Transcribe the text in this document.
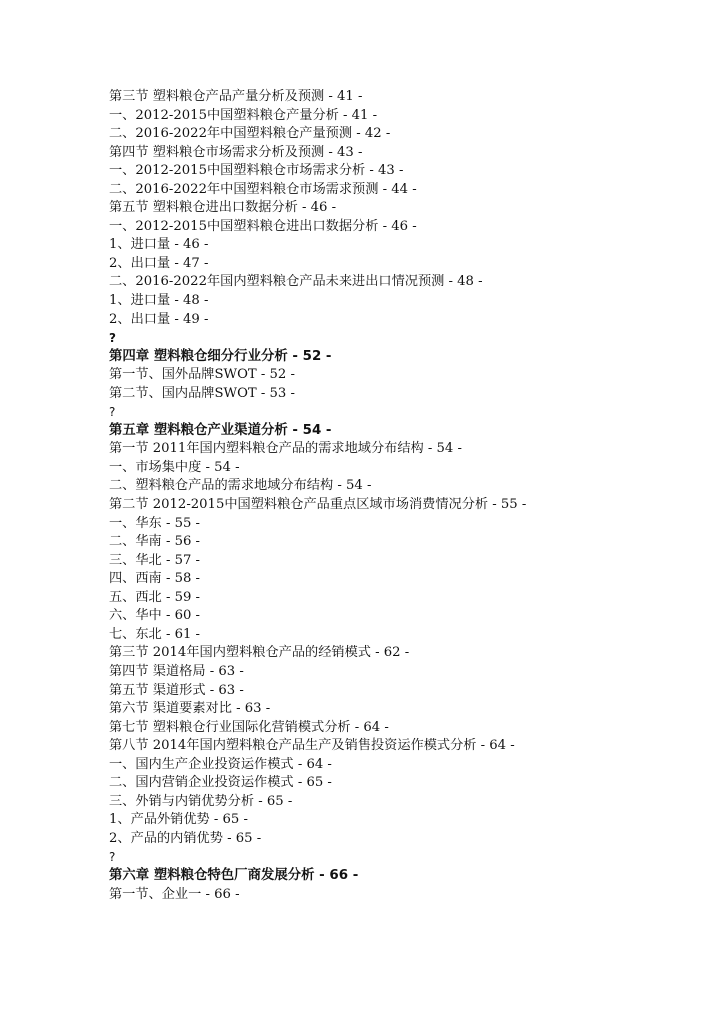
第三节 塑料粮仓产品产量分析及预测 - 41 -
一、2012-2015中国塑料粮仓产量分析 - 41 -
二、2016-2022年中国塑料粮仓产量预测 - 42 -
第四节 塑料粮仓市场需求分析及预测 - 43 -
一、2012-2015中国塑料粮仓市场需求分析 - 43 -
二、2016-2022年中国塑料粮仓市场需求预测 - 44 -
第五节 塑料粮仓进出口数据分析 - 46 -
一、2012-2015中国塑料粮仓进出口数据分析 - 46 -
1、进口量 - 46 -
2、出口量 - 47 -
二、2016-2022年国内塑料粮仓产品未来进出口情况预测 - 48 -
1、进口量 - 48 -
2、出口量 - 49 -
?
第四章 塑料粮仓细分行业分析 - 52 -
第一节、国外品牌SWOT - 52 -
第二节、国内品牌SWOT - 53 -
?
第五章 塑料粮仓产业渠道分析 - 54 -
第一节 2011年国内塑料粮仓产品的需求地域分布结构 - 54 -
一、市场集中度 - 54 -
二、塑料粮仓产品的需求地域分布结构 - 54 -
第二节 2012-2015中国塑料粮仓产品重点区域市场消费情况分析 - 55 -
一、华东 - 55 -
二、华南 - 56 -
三、华北 - 57 -
四、西南 - 58 -
五、西北 - 59 -
六、华中 - 60 -
七、东北 - 61 -
第三节 2014年国内塑料粮仓产品的经销模式 - 62 -
第四节 渠道格局 - 63 -
第五节 渠道形式 - 63 -
第六节 渠道要素对比 - 63 -
第七节 塑料粮仓行业国际化营销模式分析 - 64 -
第八节 2014年国内塑料粮仓产品生产及销售投资运作模式分析 - 64 -
一、国内生产企业投资运作模式 - 64 -
二、国内营销企业投资运作模式 - 65 -
三、外销与内销优势分析 - 65 -
1、产品外销优势 - 65 -
2、产品的内销优势 - 65 -
?
第六章 塑料粮仓特色厂商发展分析 - 66 -
第一节、企业一 - 66 -
